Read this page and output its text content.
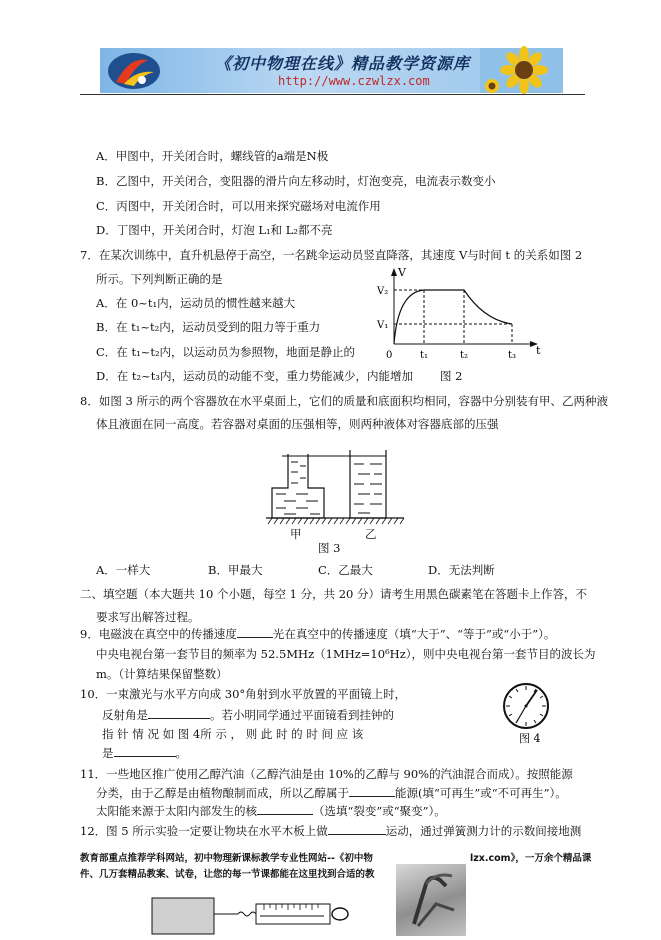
《初中物理在线》精品教学资源库
http://www.czwlzx.com
A．甲图中，开关闭合时，螺线管的a端是N极
B．乙图中，开关闭合，变阻器的滑片向左移动时，灯泡变亮，电流表示数变小
C．丙图中，开关闭合时，可以用来探究磁场对电流作用
D．丁图中，开关闭合时，灯泡 L₁和 L₂都不亮
7．在某次训练中，直升机悬停于高空，一名跳伞运动员竖直降落，其速度 V与时间 t 的关系如图 2
所示。下列判断正确的是
A．在 0~t₁内，运动员的惯性越来越大
B．在 t₁~t₂内，运动员受到的阻力等于重力
C．在 t₁~t₂内，以运动员为参照物，地面是静止的
D．在 t₂~t₃内，运动员的动能不变，重力势能减少，内能增加
V
t
V₂
V₁
0	t₁	t₂	t₃
图 2
8．如图 3 所示的两个容器放在水平桌面上，它们的质量和底面积均相同，容器中分别装有甲、乙两种液
体且液面在同一高度。若容器对桌面的压强相等，则两种液体对容器底部的压强
甲	乙
图 3
A．一样大	B．甲最大	C．乙最大	D．无法判断
二、填空题（本大题共 10 个小题，每空 1 分，共 20 分）请考生用黑色碳素笔在答题卡上作答，不
要求写出解答过程。
9．电磁波在真空中的传播速度	光在真空中的传播速度（填“大于”、“等于”或“小于”）。
中央电视台第一套节目的频率为 52.5MHz（1MHz=10⁶Hz），则中央电视台第一套节目的波长为
m。（计算结果保留整数）
10．一束激光与水平方向成 30°角射到水平放置的平面镜上时，
反射角是	。若小明同学通过平面镜看到挂钟的
指 针 情 况 如 图 4所 示 ， 则 此 时 的 时 间 应 该
是	。
图 4
11．一些地区推广使用乙醇汽油（乙醇汽油是由 10%的乙醇与 90%的汽油混合而成）。按照能源
分类，由于乙醇是由植物酿制而成，所以乙醇属于	能源(填“可再生”或“不可再生”）。
太阳能来源于太阳内部发生的核	（选填“裂变”或“聚变”）。
12．图 5 所示实验一定要让物块在水平木板上做	运动，通过弹簧测力计的示数间接地测
教育部重点推荐学科网站，初中物理新课标教学专业性网站--《初中物	lzx.com》，一万余个精品课
件、几万套精品教案、试卷，让您的每一节课都能在这里找到合适的教
